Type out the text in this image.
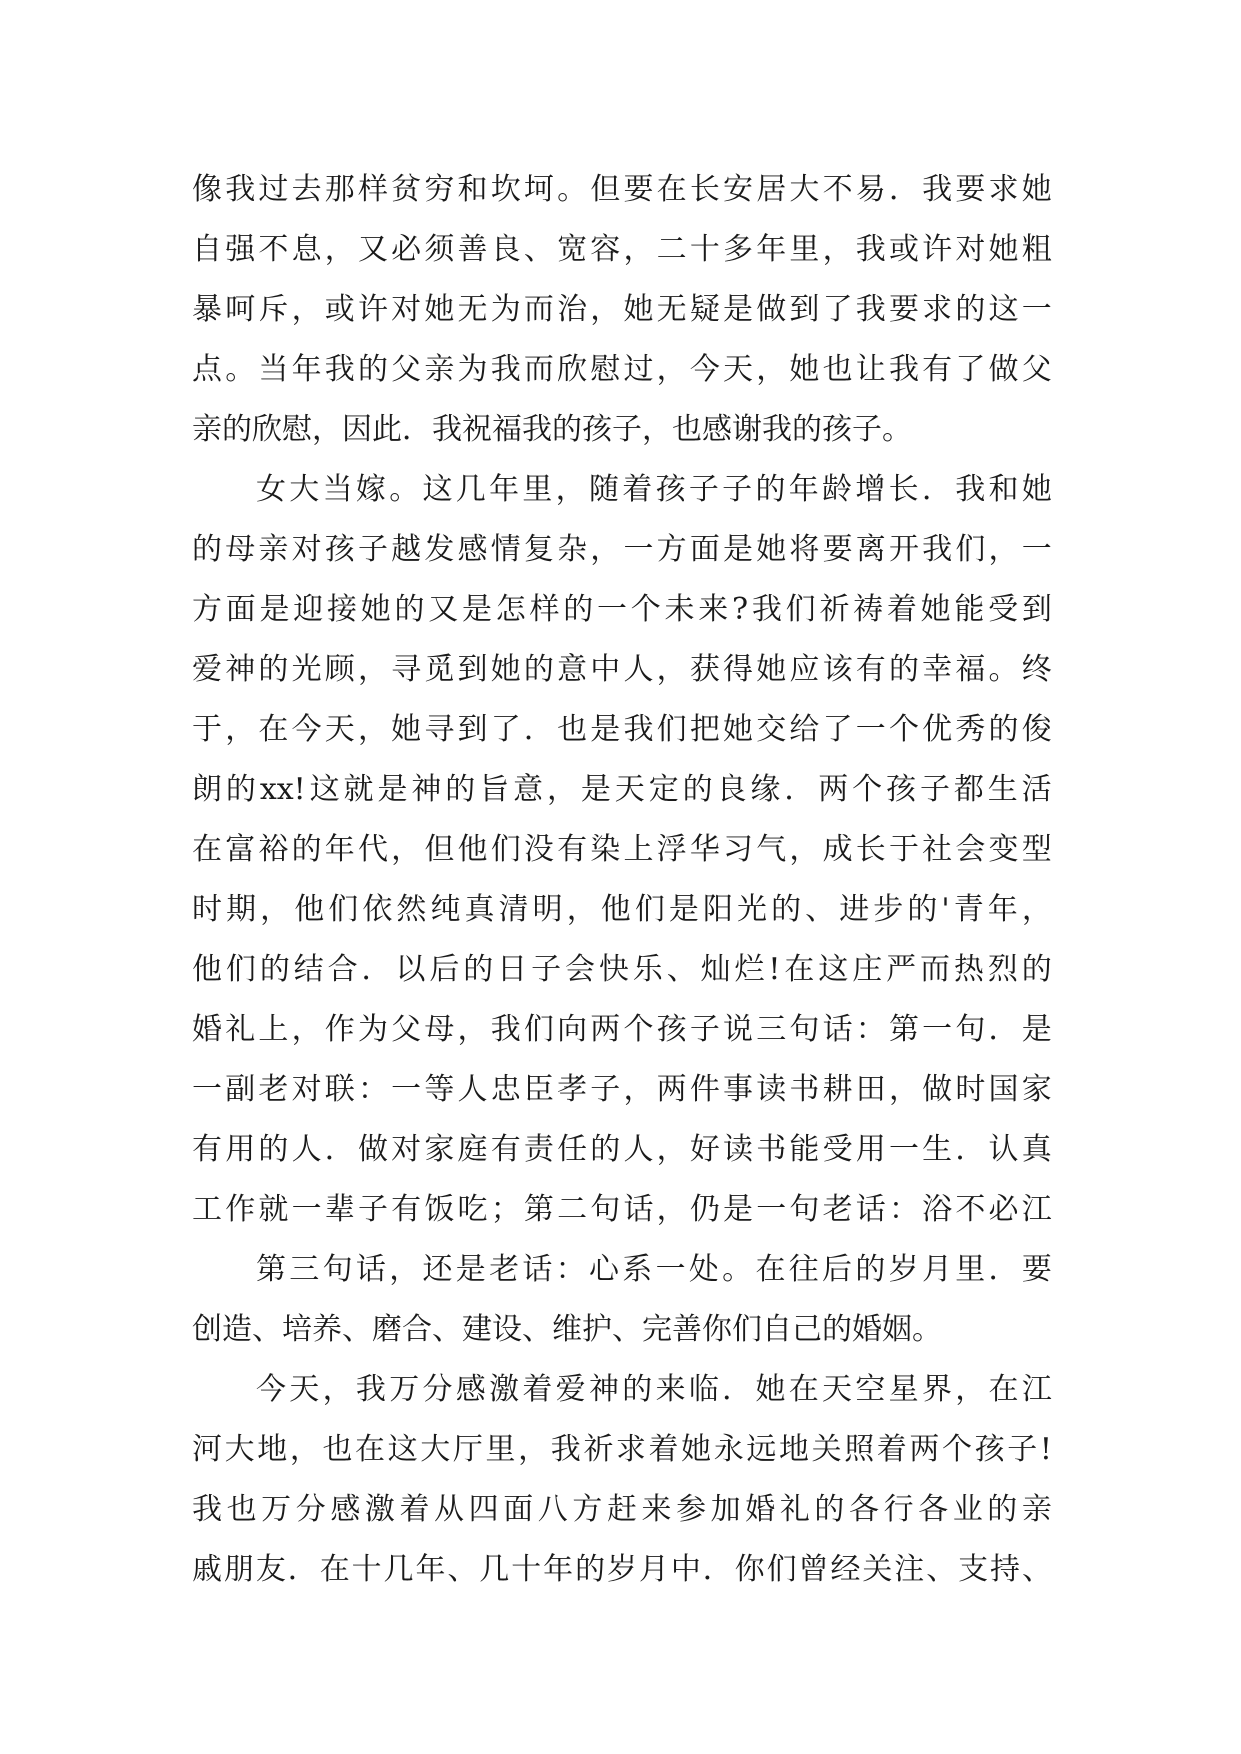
像 我 过 去 那 样 贫 穷 和 坎 坷 。 但 要 在 长 安 居 大 不 易 ． 我 要 求 她
自 强 不 息 ， 又 必 须 善 良 、 宽 容 ， 二 十 多 年 里 ， 我 或 许 对 她 粗
暴 呵 斥 ， 或 许 对 她 无 为 而 治 ， 她 无 疑 是 做 到 了 我 要 求 的 这 一
点 。 当 年 我 的 父 亲 为 我 而 欣 慰 过 ， 今 天 ， 她 也 让 我 有 了 做 父
亲的欣慰，因此．我祝福我的孩子，也感谢我的孩子。
女 大 当 嫁 。 这 几 年 里 ， 随 着 孩 子 子 的 年 龄 增 长 ． 我 和 她
的 母 亲 对 孩 子 越 发 感 情 复 杂 ， 一 方 面 是 她 将 要 离 开 我 们 ， 一
方 面 是 迎 接 她 的 又 是 怎 样 的 一 个 未 来 ? 我 们 祈 祷 着 她 能 受 到
爱 神 的 光 顾 ， 寻 觅 到 她 的 意 中 人 ， 获 得 她 应 该 有 的 幸 福 。 终
于 ， 在 今 天 ， 她 寻 到 了 ． 也 是 我 们 把 她 交 给 了 一 个 优 秀 的 俊
朗 的 xx! 这 就 是 神 的 旨 意 ， 是 天 定 的 良 缘 ． 两 个 孩 子 都 生 活
在 富 裕 的 年 代 ， 但 他 们 没 有 染 上 浮 华 习 气 ， 成 长 于 社 会 变 型
时 期 ， 他 们 依 然 纯 真 清 明 ， 他 们 是 阳 光 的 、 进 步 的 ' 青 年 ，
他 们 的 结 合 ． 以 后 的 日 子 会 快 乐 、 灿 烂 ! 在 这 庄 严 而 热 烈 的
婚 礼 上 ， 作 为 父 母 ， 我 们 向 两 个 孩 子 说 三 句 话 ： 第 一 句 ． 是
一 副 老 对 联 ： 一 等 人 忠 臣 孝 子 ， 两 件 事 读 书 耕 田 ， 做 时 国 家
有 用 的 人 ． 做 对 家 庭 有 责 任 的 人 ， 好 读 书 能 受 用 一 生 ． 认 真
工 作 就 一 辈 子 有 饭 吃 ； 第 二 句 话 ， 仍 是 一 句 老 话 ： 浴 不 必 江
第 三 句 话 ， 还 是 老 话 ： 心 系 一 处 。 在 往 后 的 岁 月 里 ． 要
创造、培养、磨合、建设、维护、完善你们自己的婚姻。
今 天 ， 我 万 分 感 激 着 爱 神 的 来 临 ． 她 在 天 空 星 界 ， 在 江
河 大 地 ， 也 在 这 大 厅 里 ， 我 祈 求 着 她 永 远 地 关 照 着 两 个 孩 子 !
我 也 万 分 感 激 着 从 四 面 八 方 赶 来 参 加 婚 礼 的 各 行 各 业 的 亲
戚 朋 友 ． 在 十 几 年 、 几 十 年 的 岁 月 中 ． 你 们 曾 经 关 注 、 支 持 、
